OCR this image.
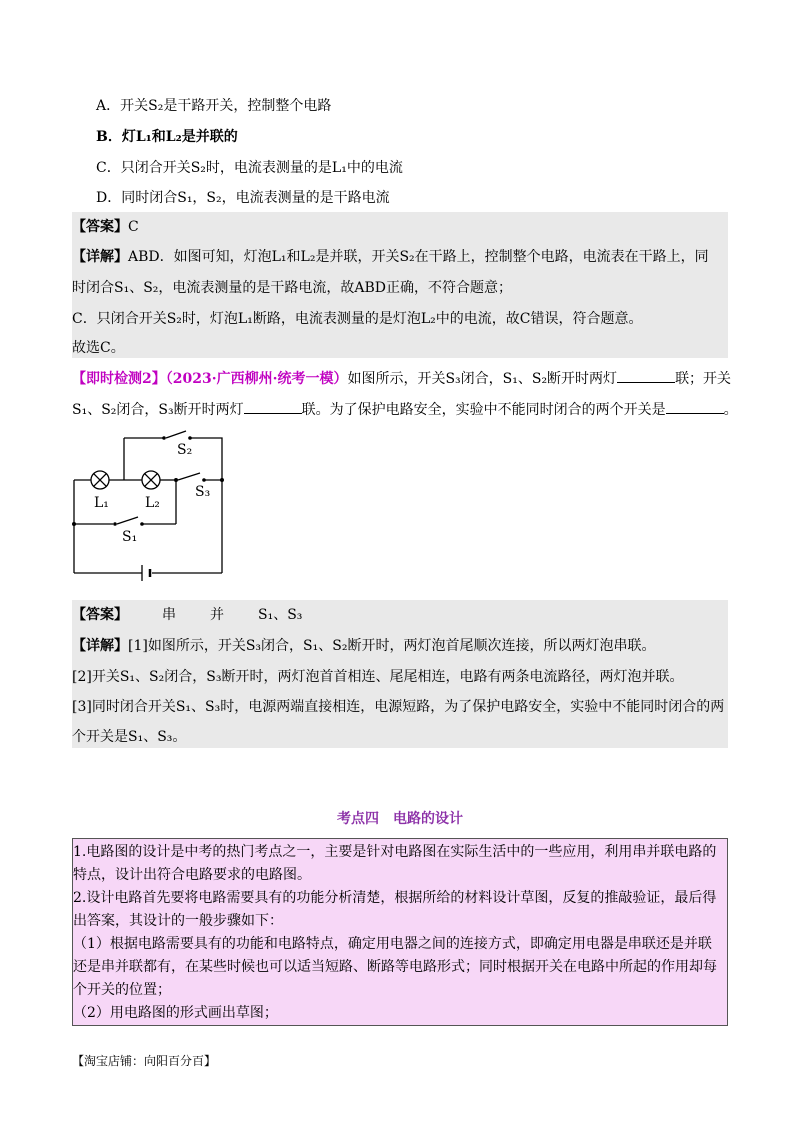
A．开关S₂是干路开关，控制整个电路
B．灯L₁和L₂是并联的
C．只闭合开关S₂时，电流表测量的是L₁中的电流
D．同时闭合S₁，S₂，电流表测量的是干路电流
【答案】C
【详解】ABD．如图可知，灯泡L₁和L₂是并联，开关S₂在干路上，控制整个电路，电流表在干路上，同
时闭合S₁、S₂，电流表测量的是干路电流，故ABD正确，不符合题意；
C．只闭合开关S₂时，灯泡L₁断路，电流表测量的是灯泡L₂中的电流，故C错误，符合题意。
故选C。
【即时检测2】（2023·广西柳州·统考一模）如图所示，开关S₃闭合，S₁、S₂断开时两灯	联；开关
S₁、S₂闭合，S₃断开时两灯	联。为了保护电路安全，实验中不能同时闭合的两个开关是	。
S₂
L₁	L₂
S₃
S₁
【答案】 串 并 S₁、S₃
【详解】[1]如图所示，开关S₃闭合，S₁、S₂断开时，两灯泡首尾顺次连接，所以两灯泡串联。
[2]开关S₁、S₂闭合，S₃断开时，两灯泡首首相连、尾尾相连，电路有两条电流路径，两灯泡并联。
[3]同时闭合开关S₁、S₃时，电源两端直接相连，电源短路，为了保护电路安全，实验中不能同时闭合的两
个开关是S₁、S₃。
考点四　电路的设计

1.电路图的设计是中考的热门考点之一，主要是针对电路图在实际生活中的一些应用，利用串并联电路的

特点，设计出符合电路要求的电路图。

2.设计电路首先要将电路需要具有的功能分析清楚，根据所给的材料设计草图，反复的推敲验证，最后得

出答案，其设计的一般步骤如下：

（1）根据电路需要具有的功能和电路特点，确定用电器之间的连接方式，即确定用电器是串联还是并联

还是串并联都有，在某些时候也可以适当短路、断路等电路形式；同时根据开关在电路中所起的作用却每

个开关的位置；

（2）用电路图的形式画出草图；

【淘宝店铺：向阳百分百】
